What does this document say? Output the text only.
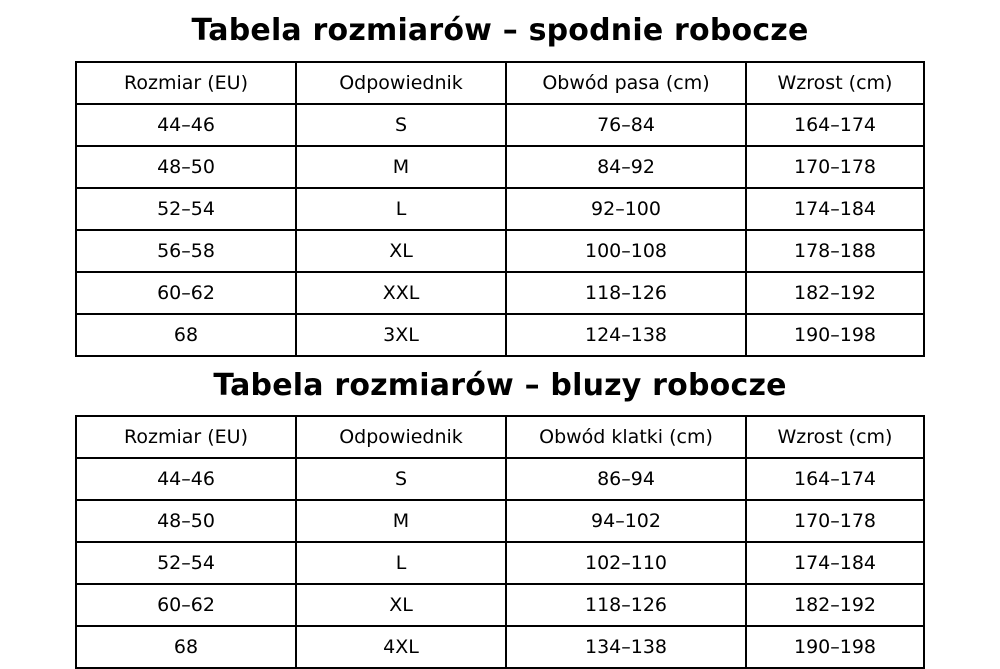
Tabela rozmiarów – spodnie robocze
Rozmiar (EU)	Odpowiednik	Obwód pasa (cm)	Wzrost (cm)
44–46	S	76–84	164–174
48–50	M	84–92	170–178
52–54	L	92–100	174–184
56–58	XL	100–108	178–188
60–62	XXL	118–126	182–192
68	3XL	124–138	190–198
Tabela rozmiarów – bluzy robocze
Rozmiar (EU)	Odpowiednik	Obwód klatki (cm)	Wzrost (cm)
44–46	S	86–94	164–174
48–50	M	94–102	170–178
52–54	L	102–110	174–184
60–62	XL	118–126	182–192
68	4XL	134–138	190–198
